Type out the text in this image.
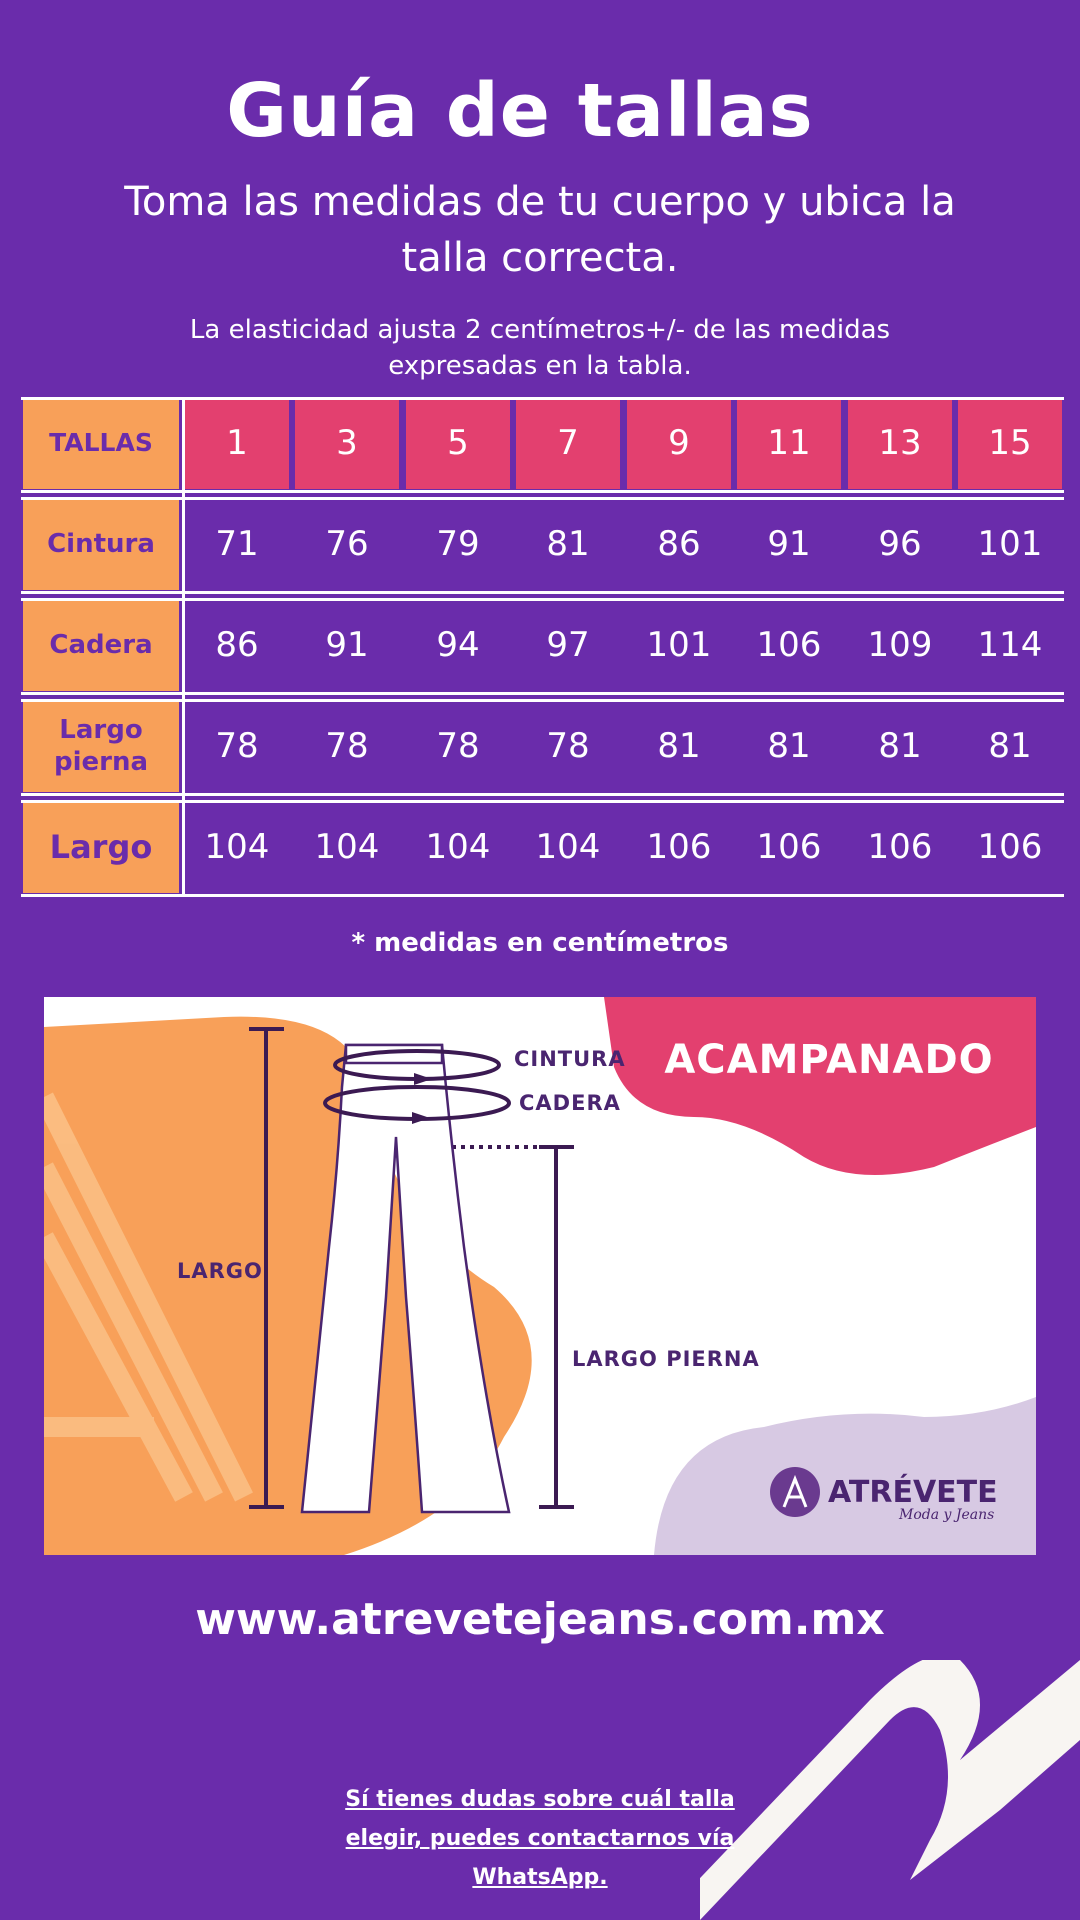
Guía de tallas
Toma las medidas de tu cuerpo y ubica la talla correcta.
La elasticidad ajusta 2 centímetros+/- de las medidas expresadas en la tabla.
TALLAS	1	3	5	7	9	11	13	15
Cintura	71	76	79	81	86	91	96	101
Cadera	86	91	94	97	101	106	109	114
Largo pierna	78	78	78	78	81	81	81	81
Largo	104	104	104	104	106	106	106	106
* medidas en centímetros
ACAMPANADO
CINTURA
CADERA
LARGO
LARGO PIERNA
ATRÉVETE
Moda y Jeans
www.atrevetejeans.com.mx
Sí tienes dudas sobre cuál talla elegir, puedes contactarnos vía WhatsApp.
